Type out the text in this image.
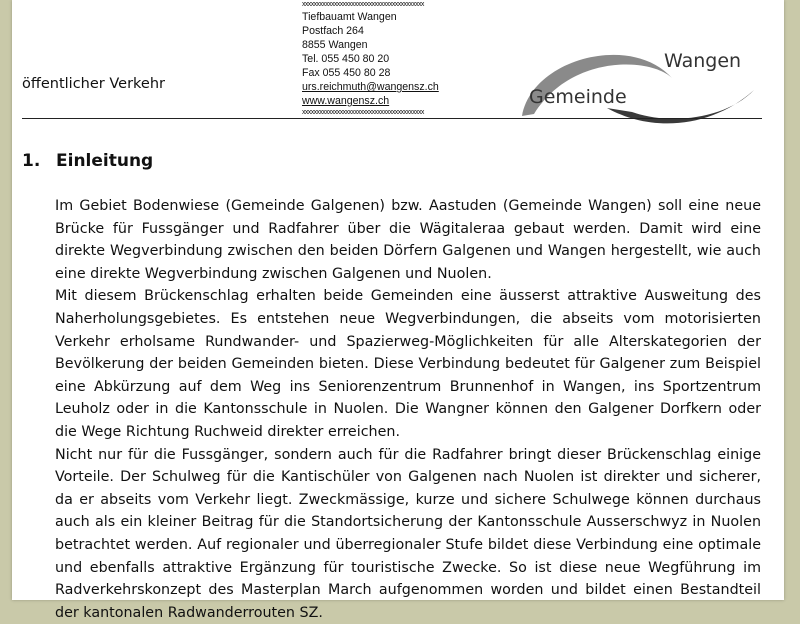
xxxxxxxxxxxxxxxxxxxxxxxxxxxxxxxxxxxxxxxxxx
Tiefbauamt Wangen
Postfach 264
8855 Wangen
Tel. 055 450 80 20
Fax 055 450 80 28
urs.reichmuth@wangensz.ch
www.wangensz.ch
xxxxxxxxxxxxxxxxxxxxxxxxxxxxxxxxxxxxxxxxxx
öffentlicher Verkehr
Wangen
Gemeinde
1. Einleitung

Im Gebiet Bodenwiese (Gemeinde Galgenen) bzw. Aastuden (Gemeinde Wangen) soll eine neue Brücke für Fussgänger und Radfahrer über die Wägitaleraa gebaut werden. Damit wird eine direkte Wegverbindung zwischen den beiden Dörfern Galgenen und Wangen hergestellt, wie auch eine direkte Wegverbindung zwischen Galgenen und Nuolen.

Mit diesem Brückenschlag erhalten beide Gemeinden eine äusserst attraktive Ausweitung des Naherholungsgebietes. Es entstehen neue Wegverbindungen, die abseits vom motorisierten Verkehr erholsame Rundwander- und Spazierweg-Möglichkeiten für alle Alterskategorien der Bevölkerung der beiden Gemeinden bieten. Diese Verbindung bedeutet für Galgener zum Beispiel eine Abkürzung auf dem Weg ins Seniorenzentrum Brunnenhof in Wangen, ins Sportzentrum Leuholz oder in die Kantonsschule in Nuolen. Die Wangner können den Galgener Dorfkern oder die Wege Richtung Ruchweid direkter erreichen.

Nicht nur für die Fussgänger, sondern auch für die Radfahrer bringt dieser Brückenschlag einige Vorteile. Der Schulweg für die Kantischüler von Galgenen nach Nuolen ist direkter und sicherer, da er abseits vom Verkehr liegt. Zweckmässige, kurze und sichere Schulwege können durchaus auch als ein kleiner Beitrag für die Standortsicherung der Kantonsschule Ausserschwyz in Nuolen betrachtet werden. Auf regionaler und überregionaler Stufe bildet diese Verbindung eine optimale und ebenfalls attraktive Ergänzung für touristische Zwecke. So ist diese neue Wegführung im Radverkehrskonzept des Masterplan March aufgenommen worden und bildet einen Bestandteil der kantonalen Radwanderrouten SZ.
